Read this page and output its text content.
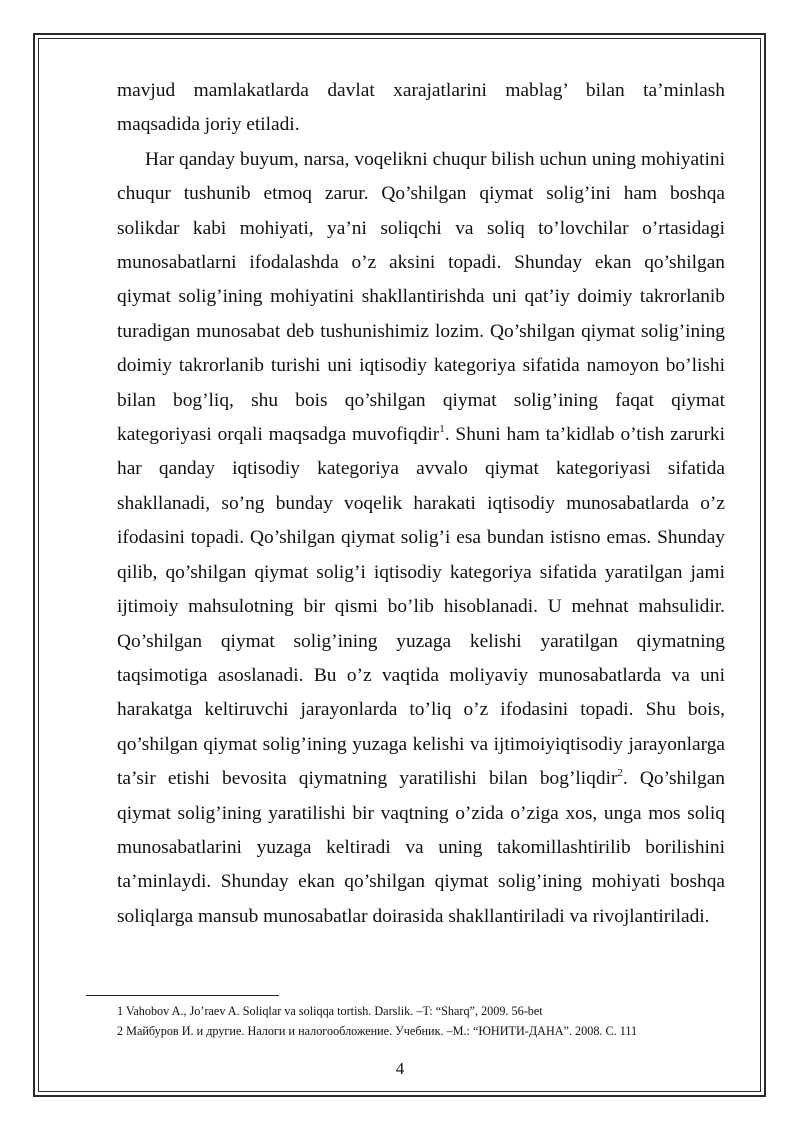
mavjud mamlakatlarda davlat xarajatlarini mablag’ bilan ta’minlash maqsadida joriy etiladi.

Har qanday buyum, narsa, voqelikni chuqur bilish uchun uning mohiyatini chuqur tushunib etmoq zarur. Qo’shilgan qiymat solig’ini ham boshqa solikdar kabi mohiyati, ya’ni soliqchi va soliq to’lovchilar o’rtasidagi munosabatlarni ifodalashda o’z aksini topadi. Shunday ekan qo’shilgan qiymat solig’ining mohiyatini shakllantirishda uni qat’iy doimiy takrorlanib turadigan munosabat deb tushunishimiz lozim. Qo’shilgan qiymat solig’ining doimiy takrorlanib turishi uni iqtisodiy kategoriya sifatida namoyon bo’lishi bilan bog’liq, shu bois qo’shilgan qiymat solig’ining faqat qiymat kategoriyasi orqali maqsadga muvofiqdir$^1$. Shuni ham ta’kidlab o’tish zarurki har qanday iqtisodiy kategoriya avvalo qiymat kategoriyasi sifatida shakllanadi, so’ng bunday voqelik harakati iqtisodiy munosabatlarda o’z ifodasini topadi. Qo’shilgan qiymat solig’i esa bundan istisno emas. Shunday qilib, qo’shilgan qiymat solig’i iqtisodiy kategoriya sifatida yaratilgan jami ijtimoiy mahsulotning bir qismi bo’lib hisoblanadi. U mehnat mahsulidir. Qo’shilgan qiymat solig’ining yuzaga kelishi yaratilgan qiymatning taqsimotiga asoslanadi. Bu o’z vaqtida moliyaviy munosabatlarda va uni harakatga keltiruvchi jarayonlarda to’liq o’z ifodasini topadi. Shu bois, qo’shilgan qiymat solig’ining yuzaga kelishi va ijtimoiyiqtisodiy jarayonlarga ta’sir etishi bevosita qiymatning yaratilishi bilan bog’liqdir$^2$. Qo’shilgan qiymat solig’ining yaratilishi bir vaqtning o’zida o’ziga xos, unga mos soliq munosabatlarini yuzaga keltiradi va uning takomillashtirilib borilishini ta’minlaydi. Shunday ekan qo’shilgan qiymat solig’ining mohiyati boshqa soliqlarga mansub munosabatlar doirasida shakllantiriladi va rivojlantiriladi.

1 Vahobov A., Jo’raev A. Soliqlar va soliqqa tortish. Darslik. –T: “Sharq”, 2009. 56-bet
2 Майбуров И. и другие. Налоги и налогообложение. Учебник. –М.: “ЮНИТИ-ДАНА”. 2008. С. 111
4
